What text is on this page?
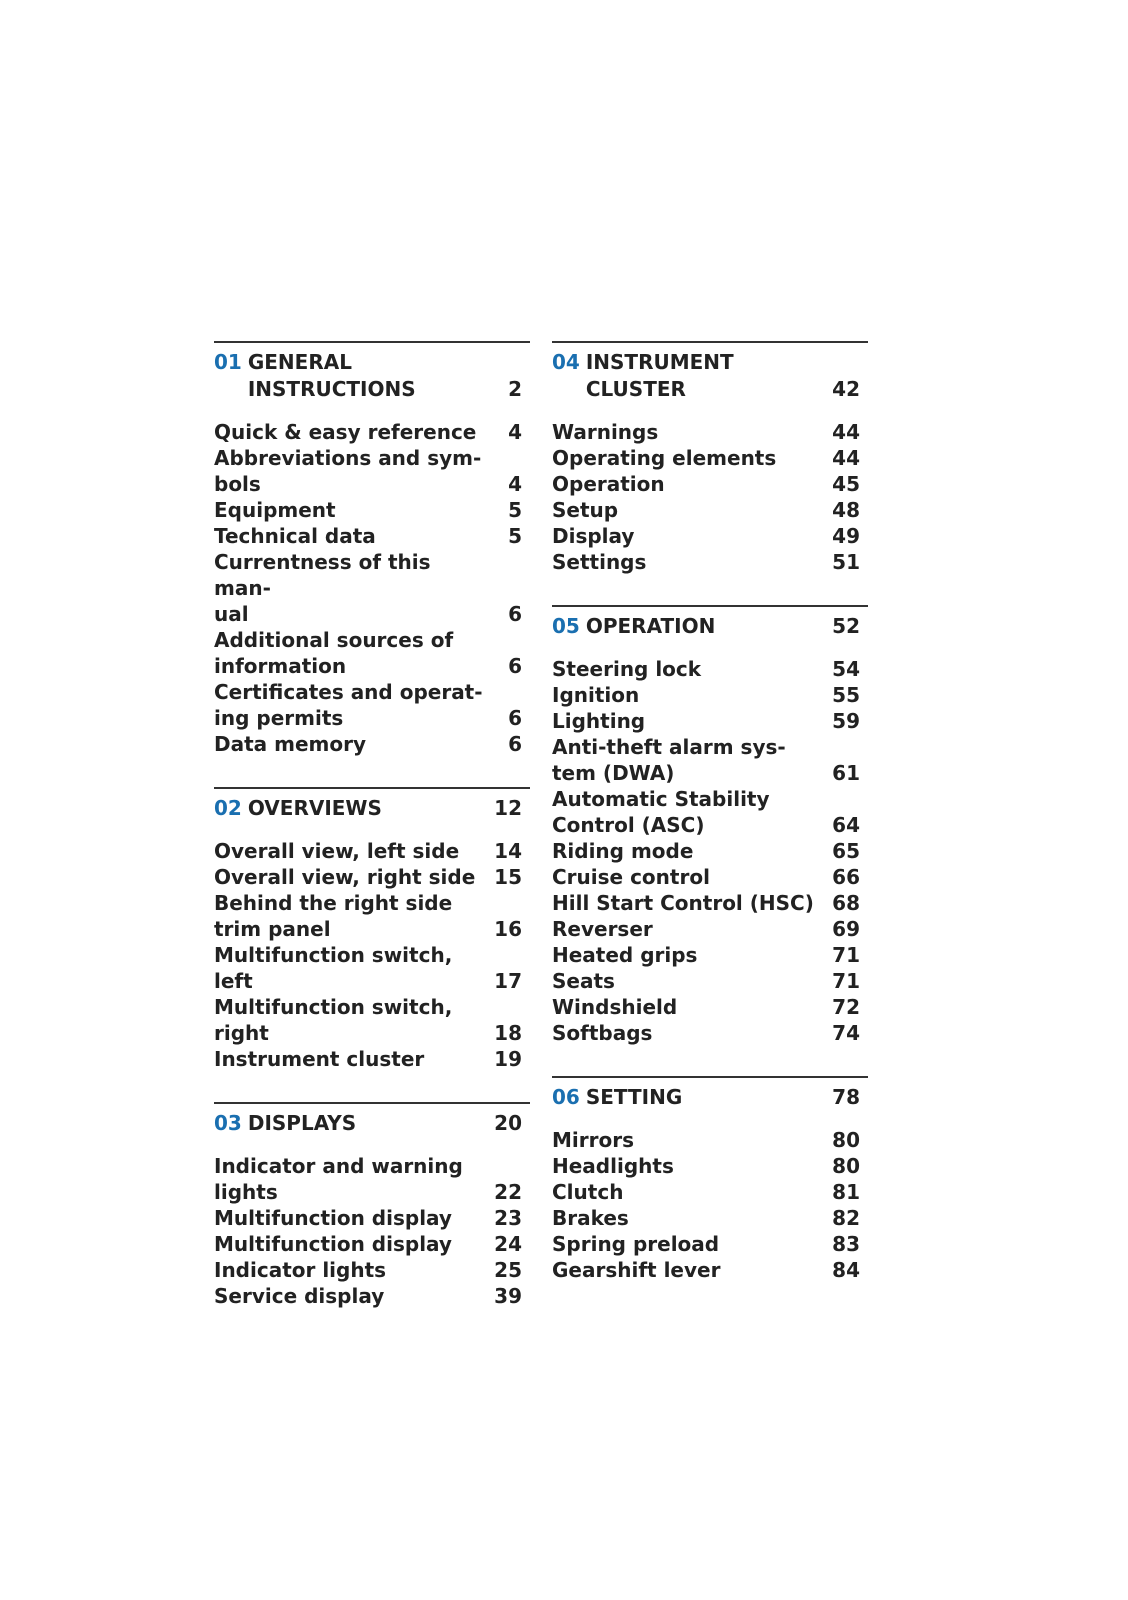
01 GENERAL
INSTRUCTIONS	2
Quick & easy reference	4
Abbreviations and sym-
bols	4
Equipment	5
Technical data	5
Currentness of this man-
ual	6
Additional sources of
information	6
Certificates and operat-
ing permits	6
Data memory	6
02 OVERVIEWS	12
Overall view, left side	14
Overall view, right side 15
Behind the right side
trim panel	16
Multifunction switch,
left	17
Multifunction switch,
right	18
Instrument cluster	19
03 DISPLAYS	20
Indicator and warning
lights	22
Multifunction display	23
Multifunction display	24
Indicator lights	25
Service display	39
04 INSTRUMENT
CLUSTER	42
Warnings	44
Operating elements	44
Operation	45
Setup	48
Display	49
Settings	51
05 OPERATION	52
Steering lock	54
Ignition	55
Lighting	59
Anti-theft alarm sys-
tem (DWA)	61
Automatic Stability
Control (ASC)	64
Riding mode	65
Cruise control	66
Hill Start Control (HSC) 68
Reverser	69
Heated grips	71
Seats	71
Windshield	72
Softbags	74
06 SETTING	78
Mirrors	80
Headlights	80
Clutch	81
Brakes	82
Spring preload	83
Gearshift lever	84
